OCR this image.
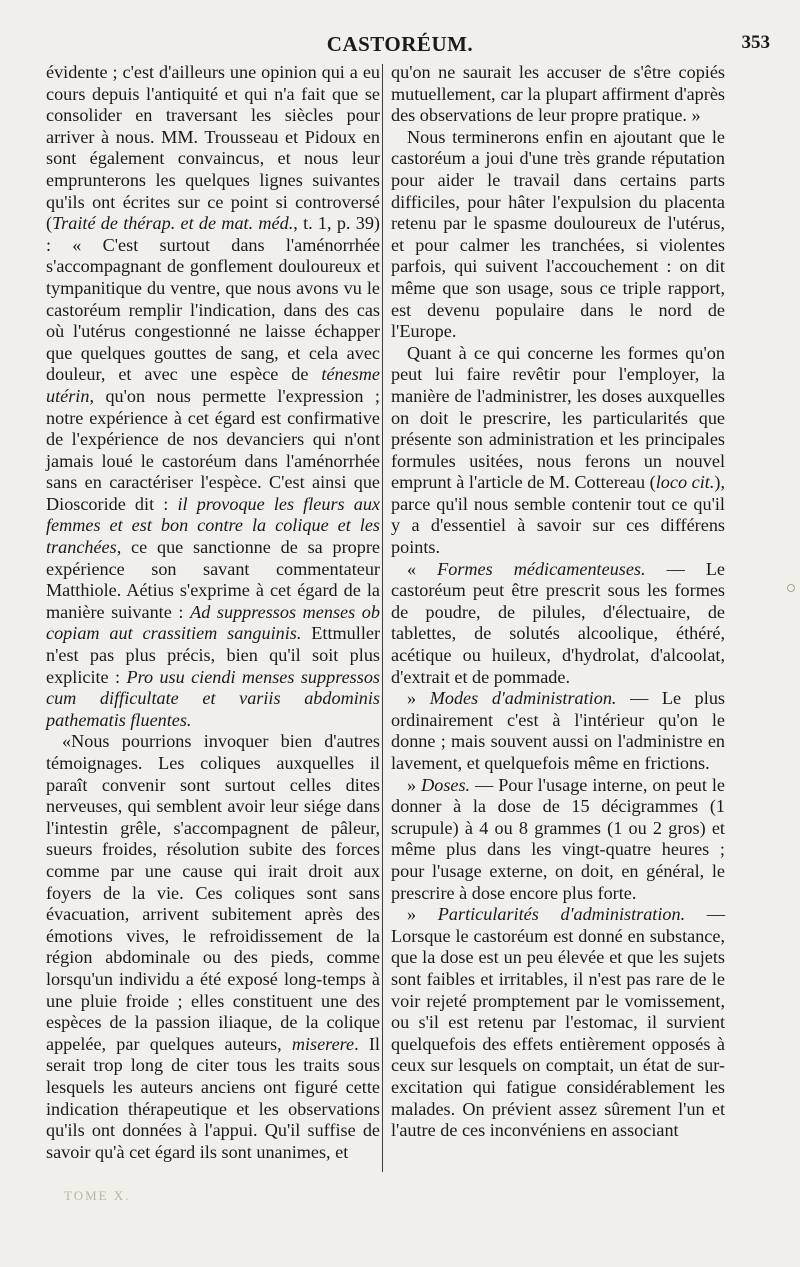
CASTORÉUM.	353

évidente ; c'est d'ailleurs une opinion qui a eu cours depuis l'antiquité et qui n'a fait que se consolider en traversant les siècles pour arriver à nous. MM. Trousseau et Pidoux en sont également convaincus, et nous leur emprunterons les quelques lignes suivantes qu'ils ont écrites sur ce point si controversé (Traité de thérap. et de mat. méd., t. 1, p. 39) : « C'est surtout dans l'aménorrhée s'accompagnant de gonflement douloureux et tympanitique du ventre, que nous avons vu le castoréum remplir l'indication, dans des cas où l'utérus congestionné ne laisse échapper que quelques gouttes de sang, et cela avec douleur, et avec une espèce de ténesme utérin, qu'on nous permette l'expression ; notre expérience à cet égard est confirmative de l'expérience de nos devanciers qui n'ont jamais loué le castoréum dans l'aménorrhée sans en caractériser l'espèce. C'est ainsi que Dioscoride dit : il provoque les fleurs aux femmes et est bon contre la colique et les tranchées, ce que sanctionne de sa propre expérience son savant commentateur Matthiole. Aétius s'exprime à cet égard de la manière suivante : Ad suppressos menses ob copiam aut crassitiem sanguinis. Ettmuller n'est pas plus précis, bien qu'il soit plus explicite : Pro usu ciendi menses suppressos cum difficultate et variis abdominis pathematis fluentes.

«Nous pourrions invoquer bien d'autres témoignages. Les coliques auxquelles il paraît convenir sont surtout celles dites nerveuses, qui semblent avoir leur siége dans l'intestin grêle, s'accompagnent de pâleur, sueurs froides, résolution subite des forces comme par une cause qui irait droit aux foyers de la vie. Ces coliques sont sans évacuation, arrivent subitement après des émotions vives, le refroidissement de la région abdominale ou des pieds, comme lorsqu'un individu a été exposé long-temps à une pluie froide ; elles constituent une des espèces de la passion iliaque, de la colique appelée, par quelques auteurs, miserere. Il serait trop long de citer tous les traits sous lesquels les auteurs anciens ont figuré cette indication thérapeutique et les observations qu'ils ont données à l'appui. Qu'il suffise de savoir qu'à cet égard ils sont unanimes, et

qu'on ne saurait les accuser de s'être copiés mutuellement, car la plupart affirment d'après des observations de leur propre pratique. »

Nous terminerons enfin en ajoutant que le castoréum a joui d'une très grande réputation pour aider le travail dans certains parts difficiles, pour hâter l'expulsion du placenta retenu par le spasme douloureux de l'utérus, et pour calmer les tranchées, si violentes parfois, qui suivent l'accouchement : on dit même que son usage, sous ce triple rapport, est devenu populaire dans le nord de l'Europe.

Quant à ce qui concerne les formes qu'on peut lui faire revêtir pour l'employer, la manière de l'administrer, les doses auxquelles on doit le prescrire, les particularités que présente son administration et les principales formules usitées, nous ferons un nouvel emprunt à l'article de M. Cottereau (loco cit.), parce qu'il nous semble contenir tout ce qu'il y a d'essentiel à savoir sur ces différens points.

« Formes médicamenteuses. — Le castoréum peut être prescrit sous les formes de poudre, de pilules, d'électuaire, de tablettes, de solutés alcoolique, éthéré, acétique ou huileux, d'hydrolat, d'alcoolat, d'extrait et de pommade.

» Modes d'administration. — Le plus ordinairement c'est à l'intérieur qu'on le donne ; mais souvent aussi on l'administre en lavement, et quelquefois même en frictions.

» Doses. — Pour l'usage interne, on peut le donner à la dose de 15 décigrammes (1 scrupule) à 4 ou 8 grammes (1 ou 2 gros) et même plus dans les vingt-quatre heures ; pour l'usage externe, on doit, en général, le prescrire à dose encore plus forte.

» Particularités d'administration. — Lorsque le castoréum est donné en substance, que la dose est un peu élevée et que les sujets sont faibles et irritables, il n'est pas rare de le voir rejeté promptement par le vomissement, ou s'il est retenu par l'estomac, il survient quelquefois des effets entièrement opposés à ceux sur lesquels on comptait, un état de sur-excitation qui fatigue considérablement les malades. On prévient assez sûrement l'un et l'autre de ces inconvéniens en associant

TOME X.
